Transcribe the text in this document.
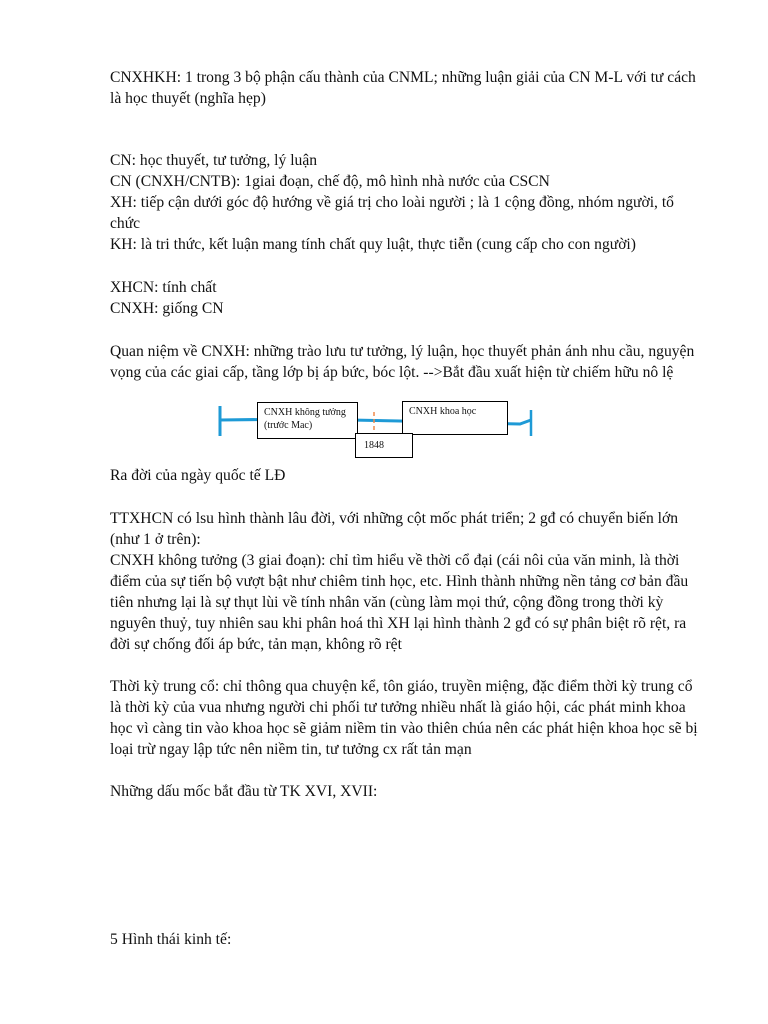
CNXHKH: 1 trong 3 bộ phận cấu thành của CNML; những luận giải của CN M-L với tư cách
là học thuyết (nghĩa hẹp)

CN: học thuyết, tư tưởng, lý luận
CN (CNXH/CNTB): 1giai đoạn, chế độ, mô hình nhà nước của CSCN
XH: tiếp cận dưới góc độ hướng về giá trị cho loài người ; là 1 cộng đồng, nhóm người, tổ
chức
KH: là tri thức, kết luận mang tính chất quy luật, thực tiễn (cung cấp cho con người)

XHCN: tính chất
CNXH: giống CN

Quan niệm về CNXH: những trào lưu tư tưởng, lý luận, học thuyết phản ánh nhu cầu, nguyện
vọng của các giai cấp, tầng lớp bị áp bức, bóc lột. -->Bắt đầu xuất hiện từ chiếm hữu nô lệ

CNXH không tưởng
(trước Mac)
CNXH khoa học
1848

Ra đời của ngày quốc tế LĐ

TTXHCN có lsu hình thành lâu đời, với những cột mốc phát triển; 2 gđ có chuyển biến lớn
(như 1 ở trên):
CNXH không tưởng (3 giai đoạn): chỉ tìm hiểu về thời cổ đại (cái nôi của văn minh, là thời
điểm của sự tiến bộ vượt bật như chiêm tinh học, etc. Hình thành những nền tảng cơ bản đầu
tiên nhưng lại là sự thụt lùi về tính nhân văn (cùng làm mọi thứ, cộng đồng trong thời kỳ
nguyên thuỷ, tuy nhiên sau khi phân hoá thì XH lại hình thành 2 gđ có sự phân biệt rõ rệt, ra
đời sự chống đối áp bức, tản mạn, không rõ rệt

Thời kỳ trung cổ: chỉ thông qua chuyện kể, tôn giáo, truyền miệng, đặc điểm thời kỳ trung cổ
là thời kỳ của vua nhưng người chi phối tư tưởng nhiều nhất là giáo hội, các phát minh khoa
học vì càng tin vào khoa học sẽ giảm niềm tin vào thiên chúa nên các phát hiện khoa học sẽ bị
loại trừ ngay lập tức nên niềm tin, tư tưởng cx rất tản mạn

Những dấu mốc bắt đầu từ TK XVI, XVII:

5 Hình thái kinh tế:
